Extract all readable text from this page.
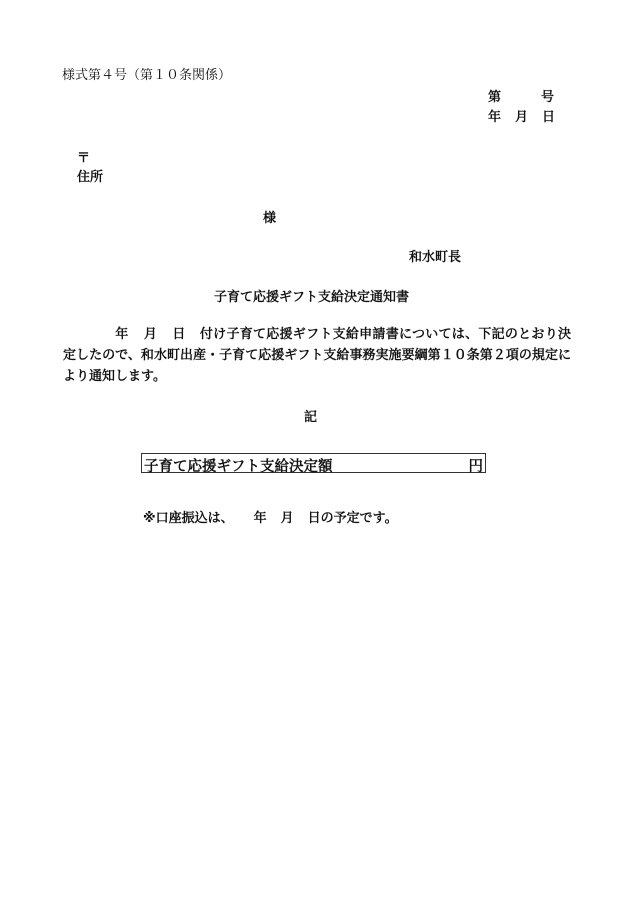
様式第４号（第１０条関係）
第	号
年 月 日
〒
住所
様
和水町長
子育て応援ギフト支給決定通知書
年 月 日 付け子育て応援ギフト支給申請書については、下記のとおり決定したので、和水町出産・子育て応援ギフト支給事務実施要綱第１０条第２項の規定により通知します。
記
子育て応援ギフト支給決定額	円
※口座振込は、 年 月 日の予定です。
